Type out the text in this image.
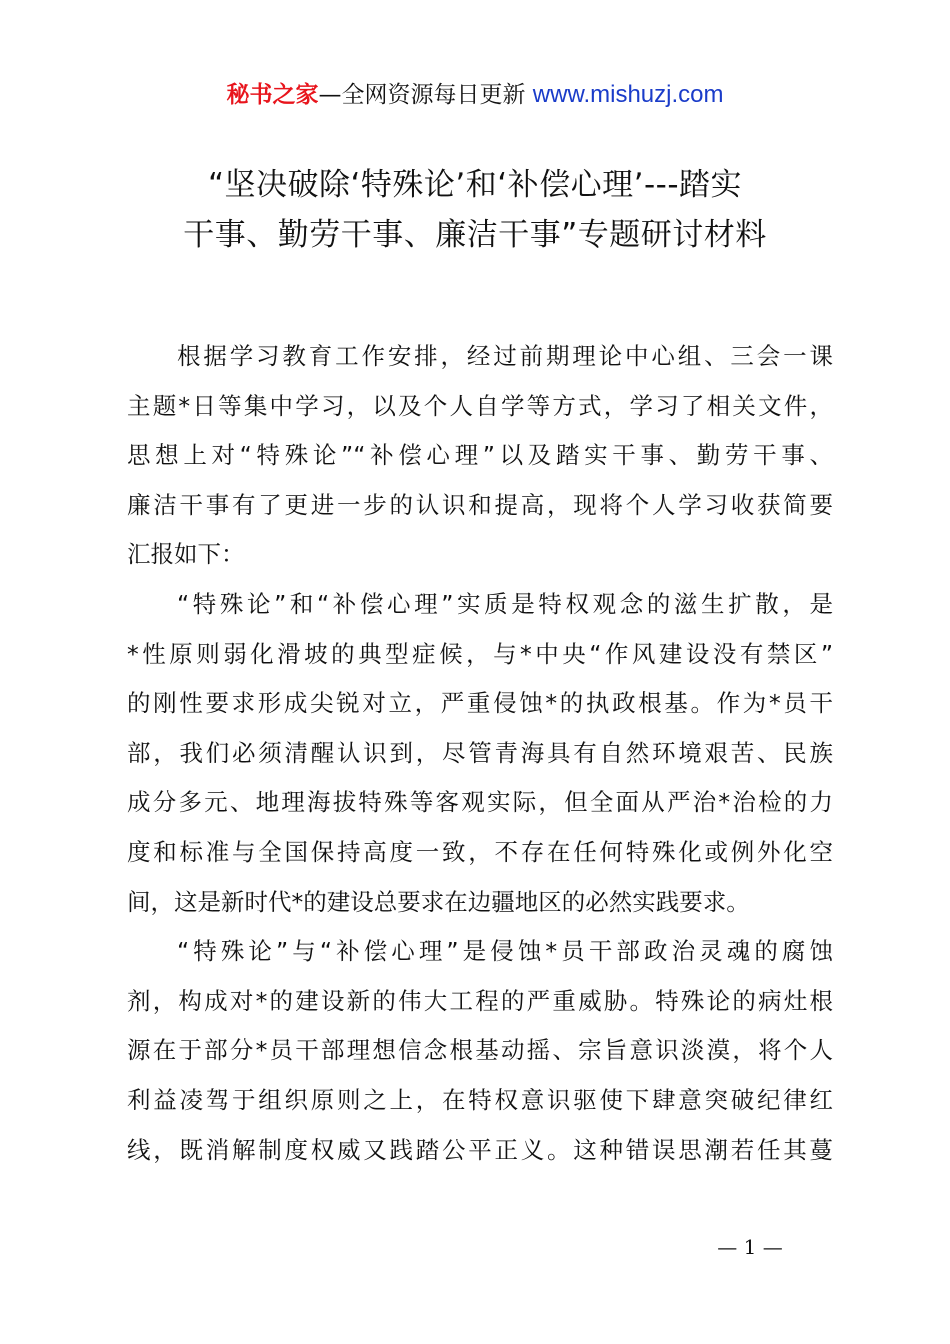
秘书之家—全网资源每日更新 www.mishuzj.com
“坚决破除‘特殊论’和‘补偿心理’---踏实
干事、勤劳干事、廉洁干事”专题研讨材料
根据学习教育工作安排，经过前期理论中心组、三会一课
主题*日等集中学习，以及个人自学等方式，学习了相关文件，
思想上对“特殊论”“补偿心理”以及踏实干事、勤劳干事、
廉洁干事有了更进一步的认识和提高，现将个人学习收获简要
汇报如下：
“特殊论”和“补偿心理”实质是特权观念的滋生扩散，是
*性原则弱化滑坡的典型症候，与*中央“作风建设没有禁区”
的刚性要求形成尖锐对立，严重侵蚀*的执政根基。作为*员干
部，我们必须清醒认识到，尽管青海具有自然环境艰苦、民族
成分多元、地理海拔特殊等客观实际，但全面从严治*治检的力
度和标准与全国保持高度一致，不存在任何特殊化或例外化空
间，这是新时代*的建设总要求在边疆地区的必然实践要求。
“特殊论”与“补偿心理”是侵蚀*员干部政治灵魂的腐蚀
剂，构成对*的建设新的伟大工程的严重威胁。特殊论的病灶根
源在于部分*员干部理想信念根基动摇、宗旨意识淡漠，将个人
利益凌驾于组织原则之上，在特权意识驱使下肆意突破纪律红
线，既消解制度权威又践踏公平正义。这种错误思潮若任其蔓
— 1 —
